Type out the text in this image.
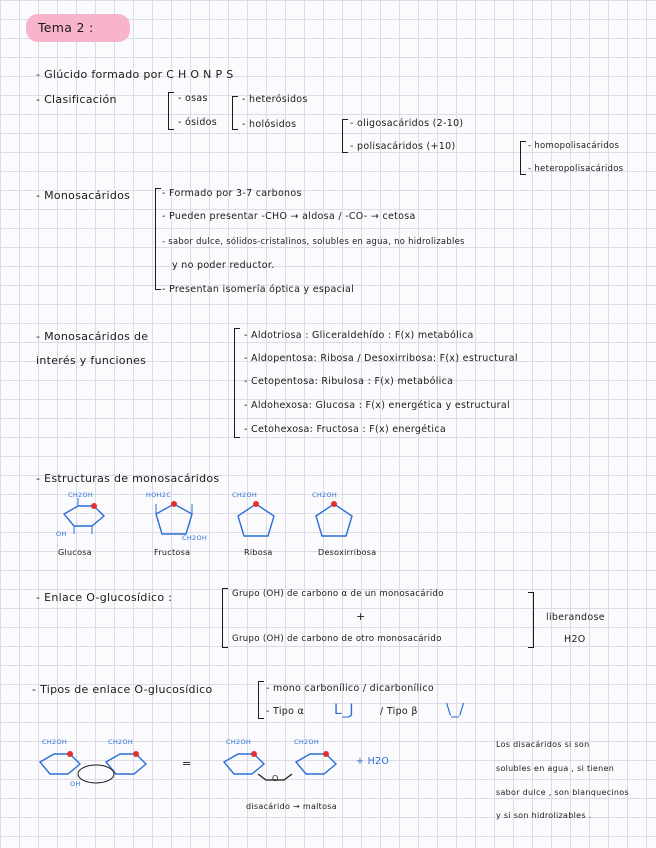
Tema 2 :
- Glúcido formado por C H O N P S
- Clasificación	- osas
- ósidos
- heterósidos
- holósidos	- oligosacáridos (2-10)
- polisacáridos (+10)	- homopolisacáridos
- heteropolisacáridos
- Monosacáridos	- Formado por 3-7 carbonos
- Pueden presentar -CHO → aldosa / -CO- → cetosa
- sabor dulce, sólidos-cristalinos, solubles en agua, no hidrolizables
y no poder reductor.
- Presentan isomería óptica y espacial
- Monosacáridos de
interés y funciones
- Aldotriosa : Gliceraldehído : F(x) metabólica
- Aldopentosa: Ribosa / Desoxirribosa: F(x) estructural
- Cetopentosa: Ribulosa : F(x) metabólica
- Aldohexosa: Glucosa : F(x) energética y estructural
- Cetohexosa: Fructosa : F(x) energética
- Estructuras de monosacáridos
CH2OH
OH
Glucosa
HOH2C
CH2OH
Fructosa
CH2OH
Ribosa
CH2OH
Desoxirribosa
- Enlace O-glucosídico :	Grupo (OH) de carbono α de un monosacárido
+
Grupo (OH) de carbono de otro monosacárido
liberandose
H2O
- Tipos de enlace O-glucosídico	- mono carbonílico / dicarbonílico
- Tipo α L_J	/ Tipo β \_/
CH2OH	CH2OH
OH
=
CH2OH	CH2OH
O
+ H2O
disacárido → maltosa
Los disacáridos si son
solubles en agua , si tienen
sabor dulce , son blanquecinos
y si son hidrolizables .
